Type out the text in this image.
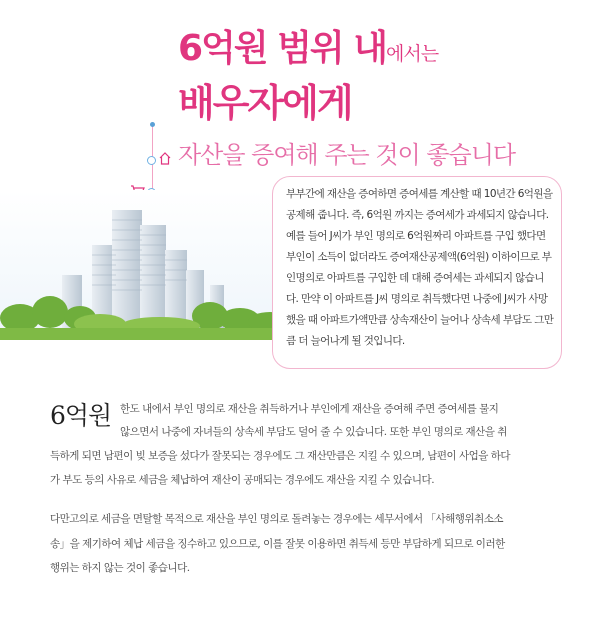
6억원 범위 내에서는
배우자에게
자산을 증여해 주는 것이 좋습니다

부부간에 재산을 증여하면 증여세를 계산할 때 10년간 6억원을

공제해 줍니다. 즉, 6억원 까지는 증여세가 과세되지 않습니다.

예를 들어 J씨가 부인 명의로 6억원짜리 아파트를 구입 했다면

부인이 소득이 없더라도 증여재산공제액(6억원) 이하이므로 부

인명의로 아파트를 구입한 데 대해 증여세는 과세되지 않습니

다. 만약 이 아파트를 J씨 명의로 취득했다면 나중에 J씨가 사망

했을 때 아파트가액만큼 상속재산이 늘어나 상속세 부담도 그만

큼 더 늘어나게 될 것입니다.

6억원 한도 내에서 부인 명의로 재산을 취득하거나 부인에게 재산을 증여해 주면 증여세를 물지
않으면서 나중에 자녀들의 상속세 부담도 덜어 줄 수 있습니다. 또한 부인 명의로 재산을 취
득하게 되면 남편이 빚 보증을 섰다가 잘못되는 경우에도 그 재산만큼은 지킬 수 있으며, 남편이 사업을 하다
가 부도 등의 사유로 세금을 체납하여 재산이 공매되는 경우에도 재산을 지킬 수 있습니다.
다만고의로 세금을 면탈할 목적으로 재산을 부인 명의로 돌려놓는 경우에는 세무서에서 「사해행위취소소
송」을 제기하여 체납 세금을 징수하고 있으므로, 이를 잘못 이용하면 취득세 등만 부담하게 되므로 이러한
행위는 하지 않는 것이 좋습니다.
